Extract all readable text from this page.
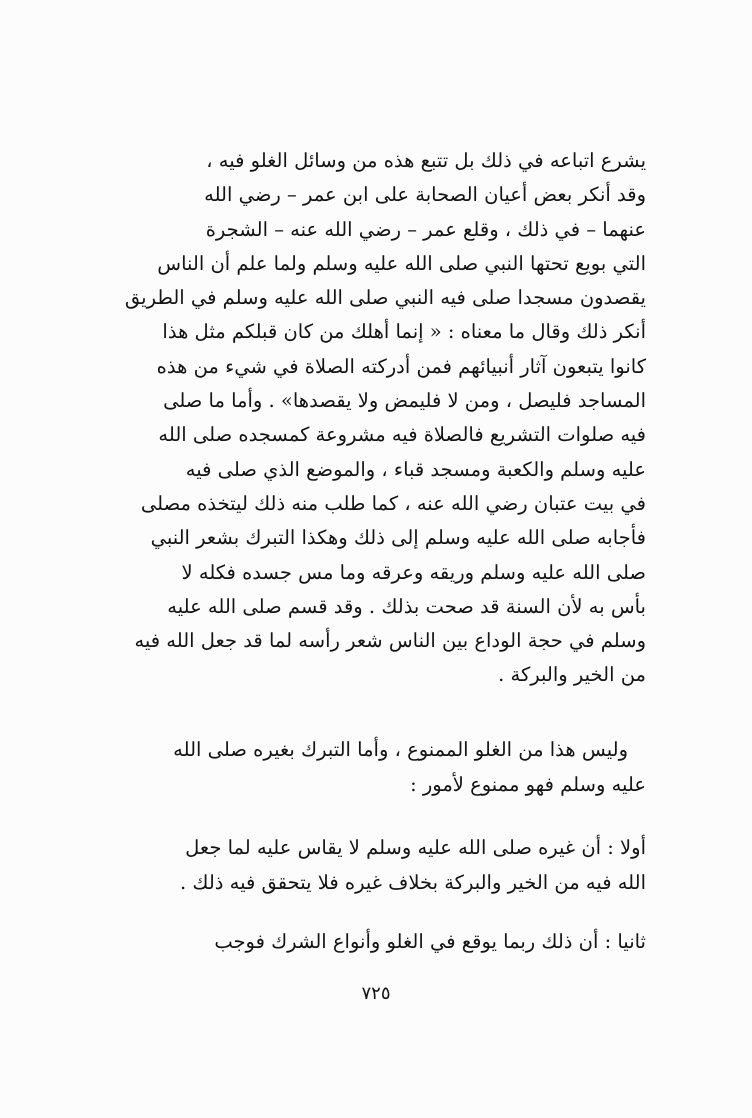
يشرع اتباعه في ذلك بل تتبع هذه من وسائل الغلو فيه ،
وقد أنكر بعض أعيان الصحابة على ابن عمر – رضي الله
عنهما – في ذلك ، وقلع عمر – رضي الله عنه – الشجرة
التي بويع تحتها النبي صلى الله عليه وسلم ولما علم أن الناس
يقصدون مسجدا صلى فيه النبي صلى الله عليه وسلم في الطريق
أنكر ذلك وقال ما معناه : « إنما أهلك من كان قبلكم مثل هذا
كانوا يتبعون آثار أنبيائهم فمن أدركته الصلاة في شيء من هذه
المساجد فليصل ، ومن لا فليمض ولا يقصدها» . وأما ما صلى
فيه صلوات التشريع فالصلاة فيه مشروعة كمسجده صلى الله
عليه وسلم والكعبة ومسجد قباء ، والموضع الذي صلى فيه
في بيت عتبان رضي الله عنه ، كما طلب منه ذلك ليتخذه مصلى
فأجابه صلى الله عليه وسلم إلى ذلك وهكذا التبرك بشعر النبي
صلى الله عليه وسلم وريقه وعرقه وما مس جسده فكله لا
بأس به لأن السنة قد صحت بذلك . وقد قسم صلى الله عليه
وسلم في حجة الوداع بين الناس شعر رأسه لما قد جعل الله فيه
من الخير والبركة .
وليس هذا من الغلو الممنوع ، وأما التبرك بغيره صلى الله
عليه وسلم فهو ممنوع لأمور :
أولا : أن غيره صلى الله عليه وسلم لا يقاس عليه لما جعل
الله فيه من الخير والبركة بخلاف غيره فلا يتحقق فيه ذلك .
ثانيا : أن ذلك ربما يوقع في الغلو وأنواع الشرك فوجب
٧٢٥
